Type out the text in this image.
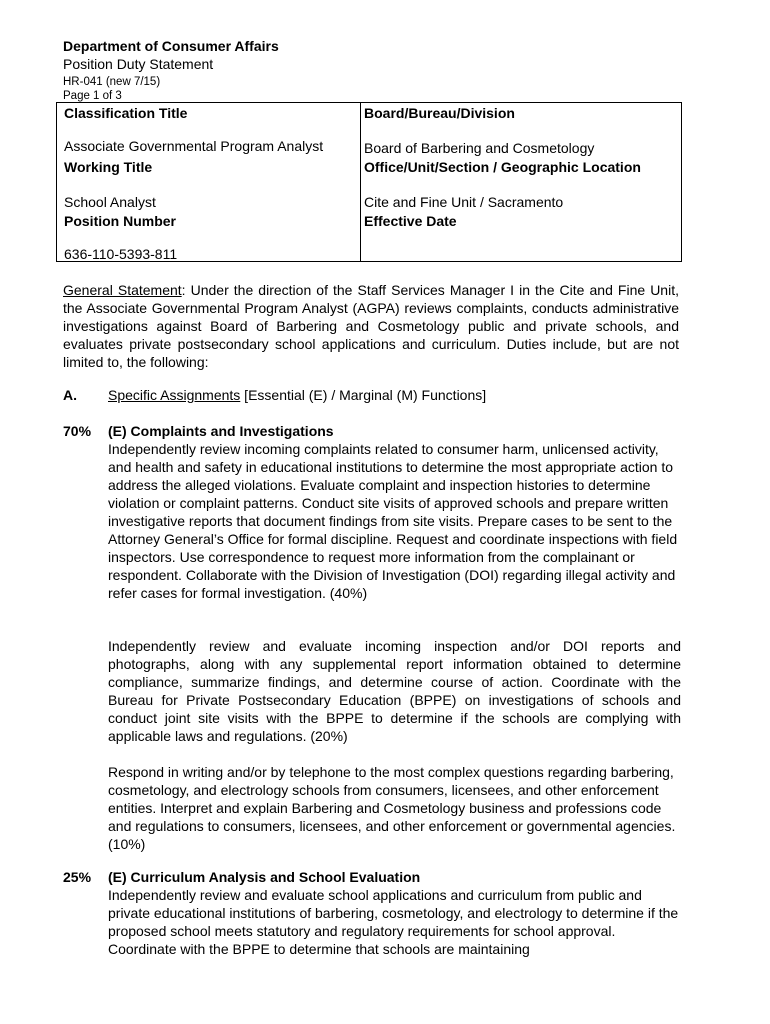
Department of Consumer Affairs
Position Duty Statement
HR-041 (new 7/15)
Page 1 of 3
Classification Title
Associate Governmental Program Analyst
Working Title
School Analyst
Position Number
636-110-5393-811
Board/Bureau/Division
Board of Barbering and Cosmetology
Office/Unit/Section / Geographic Location
Cite and Fine Unit / Sacramento
Effective Date
General Statement: Under the direction of the Staff Services Manager I in the Cite and Fine Unit, the Associate Governmental Program Analyst (AGPA) reviews complaints, conducts administrative investigations against Board of Barbering and Cosmetology public and private schools, and evaluates private postsecondary school applications and curriculum. Duties include, but are not limited to, the following:
A. Specific Assignments [Essential (E) / Marginal (M) Functions]
70% (E) Complaints and Investigations
Independently review incoming complaints related to consumer harm, unlicensed activity, and health and safety in educational institutions to determine the most appropriate action to address the alleged violations. Evaluate complaint and inspection histories to determine violation or complaint patterns. Conduct site visits of approved schools and prepare written investigative reports that document findings from site visits. Prepare cases to be sent to the Attorney General’s Office for formal discipline. Request and coordinate inspections with field inspectors. Use correspondence to request more information from the complainant or respondent. Collaborate with the Division of Investigation (DOI) regarding illegal activity and refer cases for formal investigation. (40%)
Independently review and evaluate incoming inspection and/or DOI reports and photographs, along with any supplemental report information obtained to determine compliance, summarize findings, and determine course of action. Coordinate with the Bureau for Private Postsecondary Education (BPPE) on investigations of schools and conduct joint site visits with the BPPE to determine if the schools are complying with applicable laws and regulations. (20%)
Respond in writing and/or by telephone to the most complex questions regarding barbering, cosmetology, and electrology schools from consumers, licensees, and other enforcement entities. Interpret and explain Barbering and Cosmetology business and professions code and regulations to consumers, licensees, and other enforcement or governmental agencies. (10%)
25% (E) Curriculum Analysis and School Evaluation
Independently review and evaluate school applications and curriculum from public and private educational institutions of barbering, cosmetology, and electrology to determine if the proposed school meets statutory and regulatory requirements for school approval. Coordinate with the BPPE to determine that schools are maintaining
